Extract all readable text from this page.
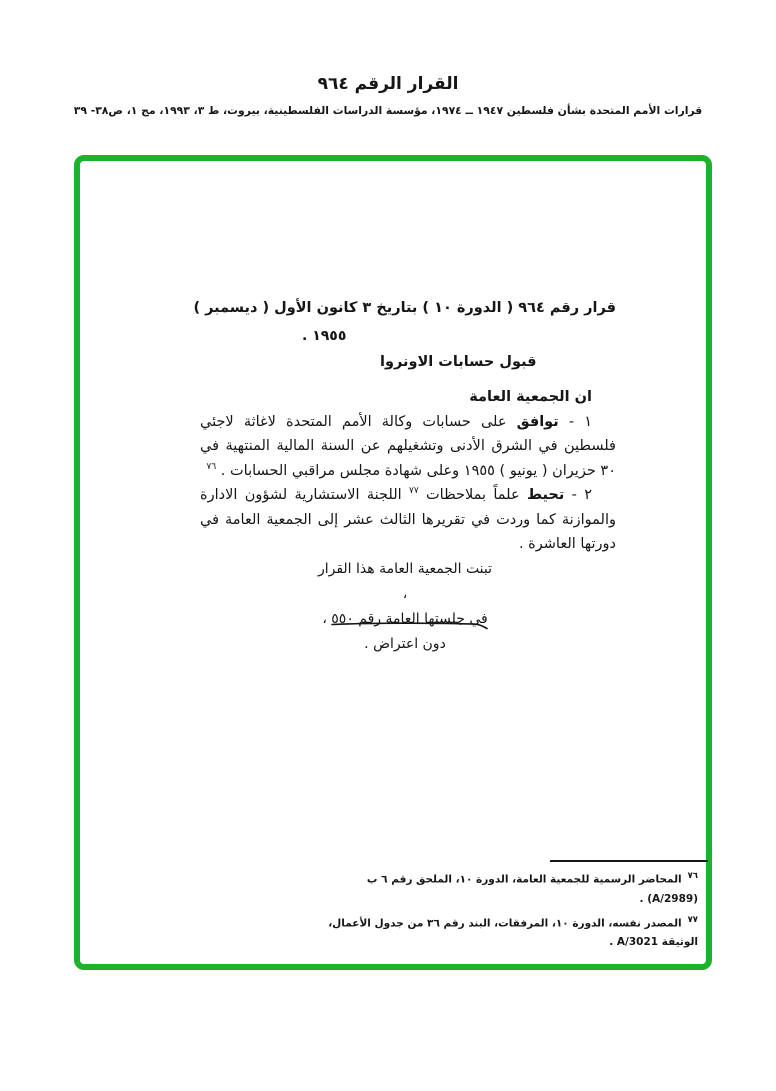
القرار الرقم ٩٦٤
قرارات الأمم المتحدة بشأن فلسطين ١٩٤٧ ــ ١٩٧٤، مؤسسة الدراسات الفلسطينية، بيروت، ط ٣، ١٩٩٣، مج ١، ص٣٨- ٣٩
قرار رقم ٩٦٤ ( الدورة ١٠ ) بتاريخ ٣ كانون الأول ( ديسمبر )
١٩٥٥ .
قبول حسابات الاونروا
ان الجمعية العامة

١ - توافق على حسابات وكالة الأمم المتحدة لاغاثة لاجئي فلسطين في الشرق الأدنى وتشغيلهم عن السنة المالية المنتهية في ٣٠ حزيران ( يونيو ) ١٩٥٥ وعلى شهادة مجلس مراقبي الحسابات . $^{٧٦}$

٢ - تحيط علماً بملاحظات $^{٧٧}$ اللجنة الاستشارية لشؤون الادارة والموازنة كما وردت في تقريرها الثالث عشر إلى الجمعية العامة في دورتها العاشرة .

تبنت الجمعية العامة هذا القرار ،
في جلستها العامة رقم ٥٥٠ ،
دون اعتراض .
$^{٧٦}$المحاضر الرسمية للجمعية العامة، الدورة ١٠، الملحق رقم ٦ ب (A/2989) .
$^{٧٧}$المصدر نفسه، الدورة ١٠، المرفقات، البند رقم ٣٦ من جدول الأعمال، الوثيقة A/3021 .
